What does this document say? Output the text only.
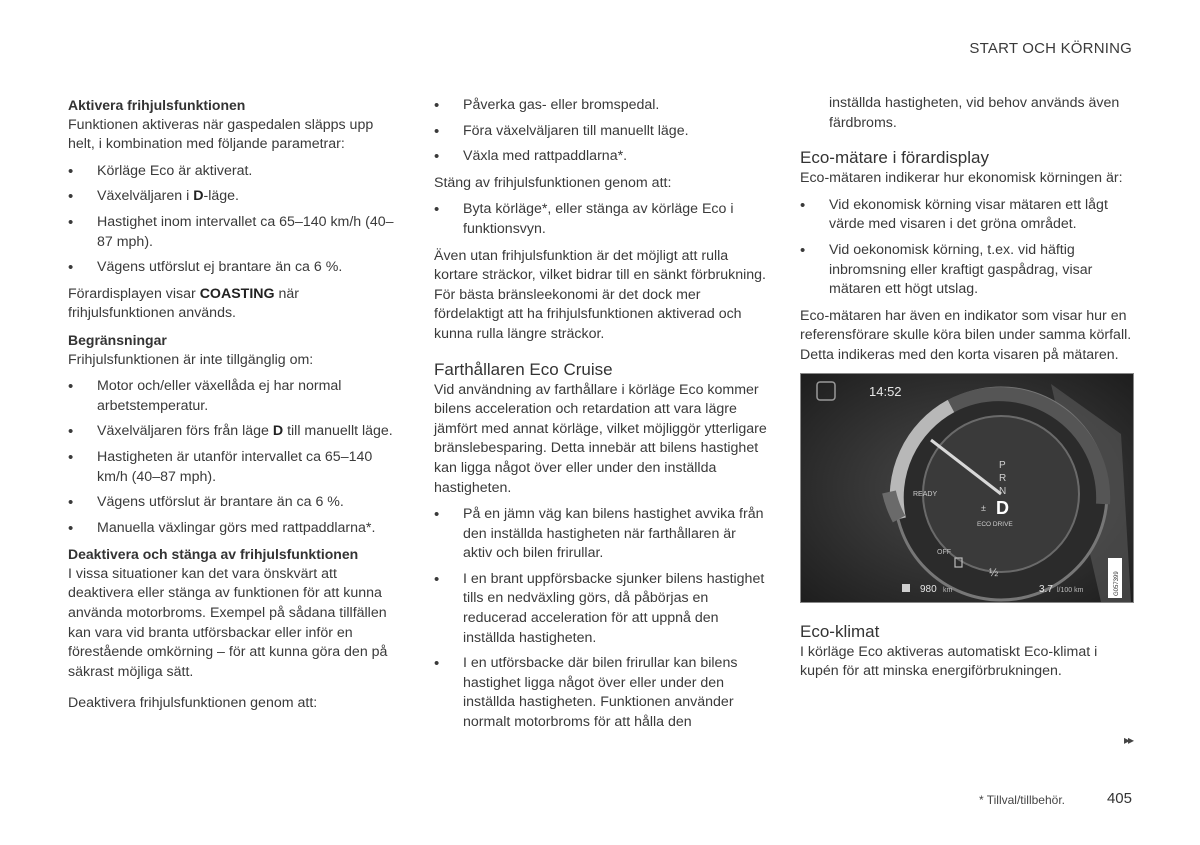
START OCH KÖRNING

Aktivera frihjulsfunktionen

Funktionen aktiveras när gaspedalen släpps upp helt, i kombination med följande parametrar:

• Körläge Eco är aktiverat.
• Växelväljaren i D-läge.
• Hastighet inom intervallet ca 65–140 km/h (40–87 mph).
• Vägens utförslut ej brantare än ca 6 %.

Förardisplayen visar COASTING när frihjulsfunktionen används.

Begränsningar

Frihjulsfunktionen är inte tillgänglig om:

• Motor och/eller växellåda ej har normal arbetstemperatur.
• Växelväljaren förs från läge D till manuellt läge.
• Hastigheten är utanför intervallet ca 65–140 km/h (40–87 mph).
• Vägens utförslut är brantare än ca 6 %.
• Manuella växlingar görs med rattpaddlarna*.

Deaktivera och stänga av frihjulsfunktionen

I vissa situationer kan det vara önskvärt att deaktivera eller stänga av funktionen för att kunna använda motorbroms. Exempel på sådana tillfällen kan vara vid branta utförsbackar eller inför en förestående omkörning – för att kunna göra den på säkrast möjliga sätt.

Deaktivera frihjulsfunktionen genom att:

• Påverka gas- eller bromspedal.
• Föra växelväljaren till manuellt läge.
• Växla med rattpaddlarna*.

Stäng av frihjulsfunktionen genom att:

• Byta körläge*, eller stänga av körläge Eco i funktionsvyn.

Även utan frihjulsfunktion är det möjligt att rulla kortare sträckor, vilket bidrar till en sänkt förbrukning. För bästa bränsleekonomi är det dock mer fördelaktigt att ha frihjulsfunktionen aktiverad och kunna rulla längre sträckor.

Farthållaren Eco Cruise

Vid användning av farthållare i körläge Eco kommer bilens acceleration och retardation att vara lägre jämfört med annat körläge, vilket möjliggör ytterligare bränslebesparing. Detta innebär att bilens hastighet kan ligga något över eller under den inställda hastigheten.

• På en jämn väg kan bilens hastighet avvika från den inställda hastigheten när farthållaren är aktiv och bilen frirullar.
• I en brant uppförsbacke sjunker bilens hastighet tills en nedväxling görs, då påbörjas en reducerad acceleration för att uppnå den inställda hastigheten.
• I en utförsbacke där bilen frirullar kan bilens hastighet ligga något över eller under den inställda hastigheten. Funktionen använder normalt motorbroms för att hålla den

inställda hastigheten, vid behov används även färdbroms.

Eco-mätare i förardisplay

Eco-mätaren indikerar hur ekonomisk körningen är:

• Vid ekonomisk körning visar mätaren ett lågt värde med visaren i det gröna området.
• Vid oekonomisk körning, t.ex. vid häftig inbromsning eller kraftigt gaspådrag, visar mätaren ett högt utslag.

Eco-mätaren har även en indikator som visar hur en referensförare skulle köra bilen under samma körfall. Detta indikeras med den korta visaren på mätaren.

14:52
P
R
N
± D
READY
ECO DRIVE
OFF
½
980 km	3.7 l/100 km	G057399

Eco-klimat

I körläge Eco aktiveras automatiskt Eco-klimat i kupén för att minska energiförbrukningen.

▸▸
* Tillval/tillbehör.	405
